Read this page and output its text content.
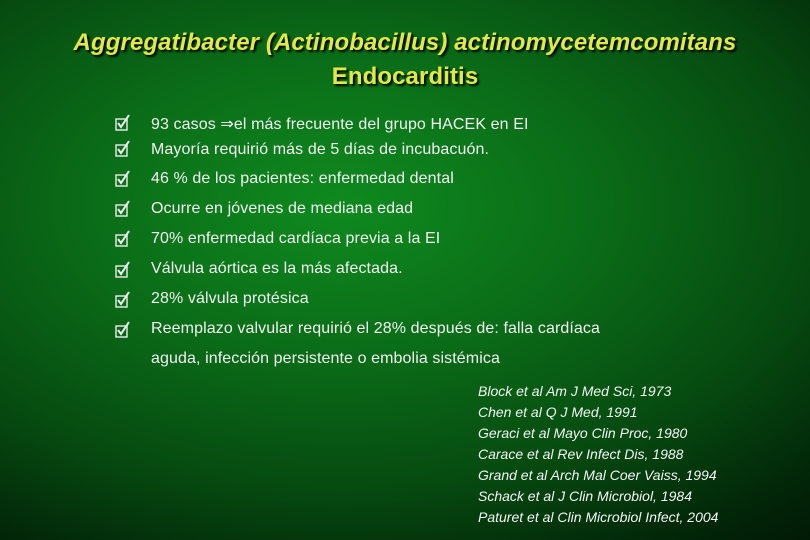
Aggregatibacter (Actinobacillus) actinomycetemcomitans
Endocarditis
93 casos ⇒el más frecuente del grupo HACEK en EI
Mayoría requirió más de 5 días de incubacuón.
46 % de los pacientes: enfermedad dental
Ocurre en jóvenes de mediana edad
70% enfermedad cardíaca previa a la EI
Válvula aórtica es la más afectada.
28% válvula protésica
Reemplazo valvular requirió el 28% después de: falla cardíaca
aguda, infección persistente o embolia sistémica
Block et al Am J Med Sci, 1973
Chen et al Q J Med, 1991
Geraci et al Mayo Clin Proc, 1980
Carace et al Rev Infect Dis, 1988
Grand et al Arch Mal Coer Vaiss, 1994
Schack et al J Clin Microbiol, 1984
Paturet et al Clin Microbiol Infect, 2004
